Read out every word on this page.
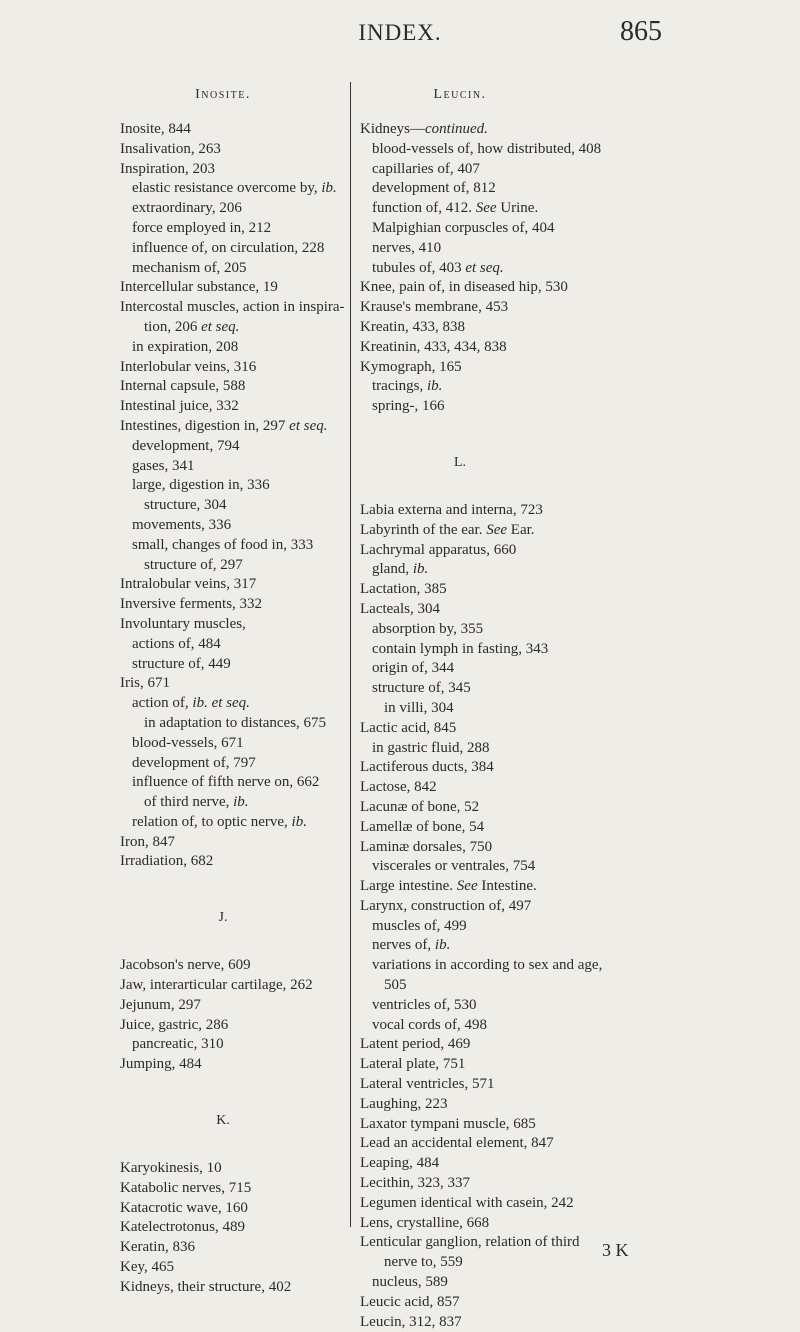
INDEX.	865
Inosite.
Inosite, 844
Insalivation, 263
Inspiration, 203
elastic resistance overcome by, ib.
extraordinary, 206
force employed in, 212
influence of, on circulation, 228
mechanism of, 205
Intercellular substance, 19
Intercostal muscles, action in inspira-
tion, 206 et seq.
in expiration, 208
Interlobular veins, 316
Internal capsule, 588
Intestinal juice, 332
Intestines, digestion in, 297 et seq.
development, 794
gases, 341
large, digestion in, 336
structure, 304
movements, 336
small, changes of food in, 333
structure of, 297
Intralobular veins, 317
Inversive ferments, 332
Involuntary muscles,
actions of, 484
structure of, 449
Iris, 671
action of, ib. et seq.
in adaptation to distances, 675
blood-vessels, 671
development of, 797
influence of fifth nerve on, 662
of third nerve, ib.
relation of, to optic nerve, ib.
Iron, 847
Irradiation, 682
J.
Jacobson's nerve, 609
Jaw, interarticular cartilage, 262
Jejunum, 297
Juice, gastric, 286
pancreatic, 310
Jumping, 484
K.
Karyokinesis, 10
Katabolic nerves, 715
Katacrotic wave, 160
Katelectrotonus, 489
Keratin, 836
Key, 465
Kidneys, their structure, 402
Leucin.
Kidneys—continued.
blood-vessels of, how distributed, 408
capillaries of, 407
development of, 812
function of, 412. See Urine.
Malpighian corpuscles of, 404
nerves, 410
tubules of, 403 et seq.
Knee, pain of, in diseased hip, 530
Krause's membrane, 453
Kreatin, 433, 838
Kreatinin, 433, 434, 838
Kymograph, 165
tracings, ib.
spring-, 166
L.
Labia externa and interna, 723
Labyrinth of the ear. See Ear.
Lachrymal apparatus, 660
gland, ib.
Lactation, 385
Lacteals, 304
absorption by, 355
contain lymph in fasting, 343
origin of, 344
structure of, 345
in villi, 304
Lactic acid, 845
in gastric fluid, 288
Lactiferous ducts, 384
Lactose, 842
Lacunæ of bone, 52
Lamellæ of bone, 54
Laminæ dorsales, 750
viscerales or ventrales, 754
Large intestine. See Intestine.
Larynx, construction of, 497
muscles of, 499
nerves of, ib.
variations in according to sex and age,
505
ventricles of, 530
vocal cords of, 498
Latent period, 469
Lateral plate, 751
Lateral ventricles, 571
Laughing, 223
Laxator tympani muscle, 685
Lead an accidental element, 847
Leaping, 484
Lecithin, 323, 337
Legumen identical with casein, 242
Lens, crystalline, 668
Lenticular ganglion, relation of third
nerve to, 559
nucleus, 589
Leucic acid, 857
Leucin, 312, 837
3 K
